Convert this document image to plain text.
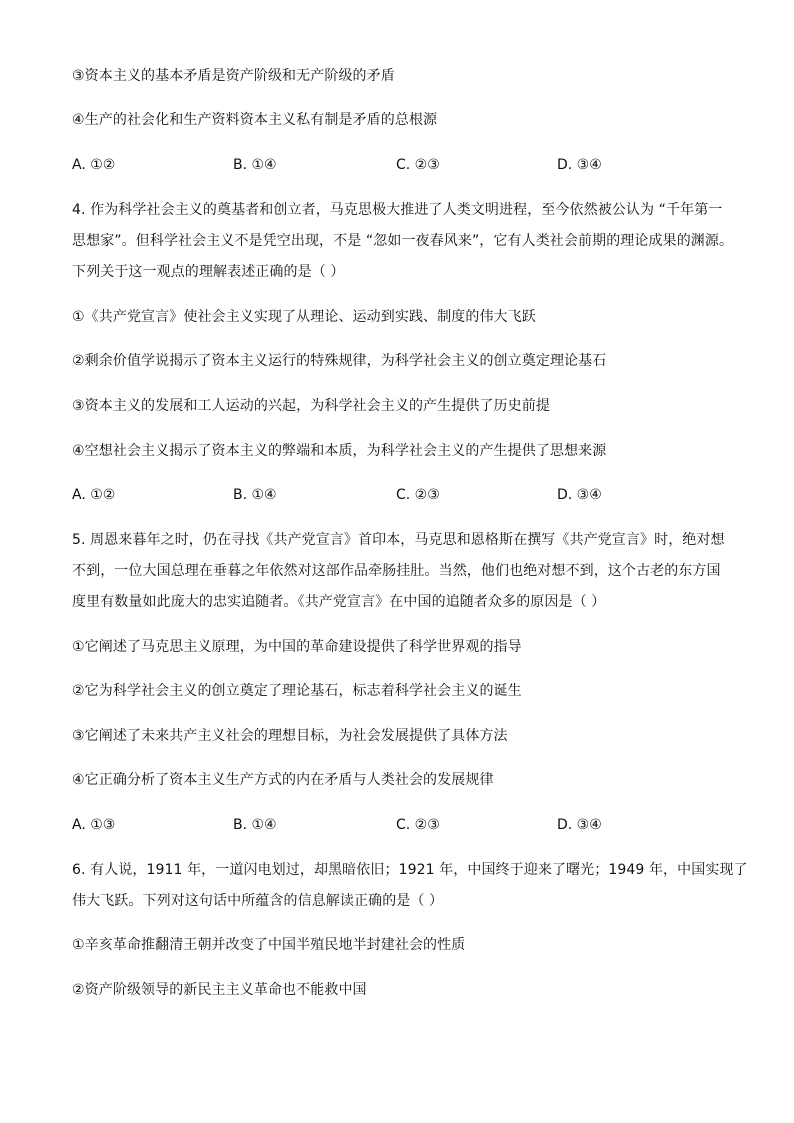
③资本主义的基本矛盾是资产阶级和无产阶级的矛盾
④生产的社会化和生产资料资本主义私有制是矛盾的总根源
A. ①②	B. ①④	C. ②③	D. ③④
4. 作为科学社会主义的奠基者和创立者，马克思极大推进了人类文明进程，至今依然被公认为 “千年第一
思想家”。但科学社会主义不是凭空出现，不是 “忽如一夜春风来”，它有人类社会前期的理论成果的渊源。
下列关于这一观点的理解表述正确的是（ ）
①《共产党宣言》使社会主义实现了从理论、运动到实践、制度的伟大飞跃
②剩余价值学说揭示了资本主义运行的特殊规律，为科学社会主义的创立奠定理论基石
③资本主义的发展和工人运动的兴起，为科学社会主义的产生提供了历史前提
④空想社会主义揭示了资本主义的弊端和本质，为科学社会主义的产生提供了思想来源
A. ①②	B. ①④	C. ②③	D. ③④
5. 周恩来暮年之时，仍在寻找《共产党宣言》首印本，马克思和恩格斯在撰写《共产党宣言》时，绝对想
不到，一位大国总理在垂暮之年依然对这部作品牵肠挂肚。当然，他们也绝对想不到，这个古老的东方国
度里有数量如此庞大的忠实追随者。《共产党宣言》在中国的追随者众多的原因是（ ）
①它阐述了马克思主义原理，为中国的革命建设提供了科学世界观的指导
②它为科学社会主义的创立奠定了理论基石，标志着科学社会主义的诞生
③它阐述了未来共产主义社会的理想目标，为社会发展提供了具体方法
④它正确分析了资本主义生产方式的内在矛盾与人类社会的发展规律
A. ①③	B. ①④	C. ②③	D. ③④
6. 有人说，1911 年，一道闪电划过，却黑暗依旧；1921 年，中国终于迎来了曙光；1949 年，中国实现了
伟大飞跃。下列对这句话中所蕴含的信息解读正确的是（ ）
①辛亥革命推翻清王朝并改变了中国半殖民地半封建社会的性质
②资产阶级领导的新民主主义革命也不能救中国
